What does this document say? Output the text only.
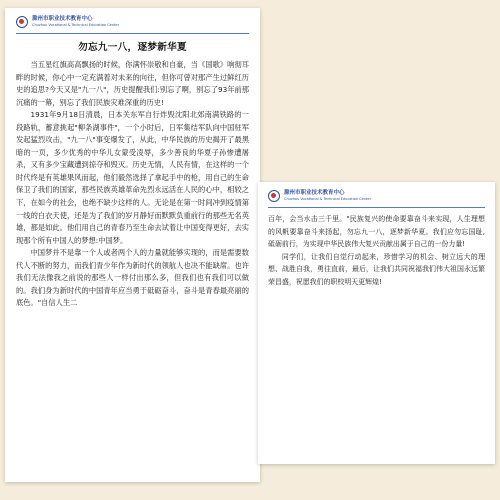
滁州市职业技术教育中心
Chuzhou Vocational & Technical Education Center
勿忘九一八，逐梦新华夏

当五星红旗高高飘扬的时候，你满怀崇敬和自豪，当《国歌》响彻耳畔的时候，你心中一定充满着对未来的向往，但你可曾对那产生过鲜红历史的追思?今天又是"九一八"，历史提醒我们:别忘了啊，别忘了93年前那沉痛的一幕，别忘了我们民族灾难深重的历史!

1931年9月18日清晨，日本关东军自行炸毁沈阳北郊南满铁路的一段路轨，蓄意挑起"柳条湖事件"，一个小时后，日军集结军队向中国驻军发起猛烈攻击，"九一八"事变爆发了，从此，中华民族的历史揭开了最黑暗的一页，多少优秀的中华儿女蒙受凌辱，多少善良的华夏子孙惨遭屠杀，又有多少宝藏遭到掠夺和毁灭。历史无情，人民有情，在这样的一个时代终是有英雄果风而起，他们毅然选择了拿起手中的枪，用自己的生命保卫了我们的国家，那些民族英雄革命先烈永远活在人民的心中，相较之下，在如今的社会，也绝不缺少这样的人。无论是在第一时间冲到疫情第一线的白衣天使，还是为了我们的岁月静好而默默负重前行的那些无名英雄，都是如此。他们用自己的青春乃至生命去试着让中国变得更好，去实现那个所有中国人的梦想:中国梦。

中国梦并不是靠一个人或者两个人的力量就能够实现的，而是需要数代人不断的努力，而我们青少年作为新时代的领航人也决不能缺席。也许我们无法像我之前说的那些人一样付出那么多，但我们也有我们可以做的。我们身为新时代的中国青年应当勇于砥砺奋斗，奋斗是青春最亮丽的底色。"自信人生二

滁州市职业技术教育中心
Chuzhou Vocational & Technical Education Center

百年，会当水击三千里。"民族复兴的使命要靠奋斗来实现，人生理想的风帆要靠奋斗来扬起，勿忘九一八，逐梦新华夏。我们应勿忘国耻,砥砺前行，为实现中华民族伟大复兴贡献出属于自己的一份力量!

同学们，让我们自觉行动起来，珍惜学习的机会、树立远大的理想、战胜自我，勇往直前，最后，让我们共同祝福我们伟大祖国永远繁荣昌盛，祝愿我们的职校明天更辉煌!
